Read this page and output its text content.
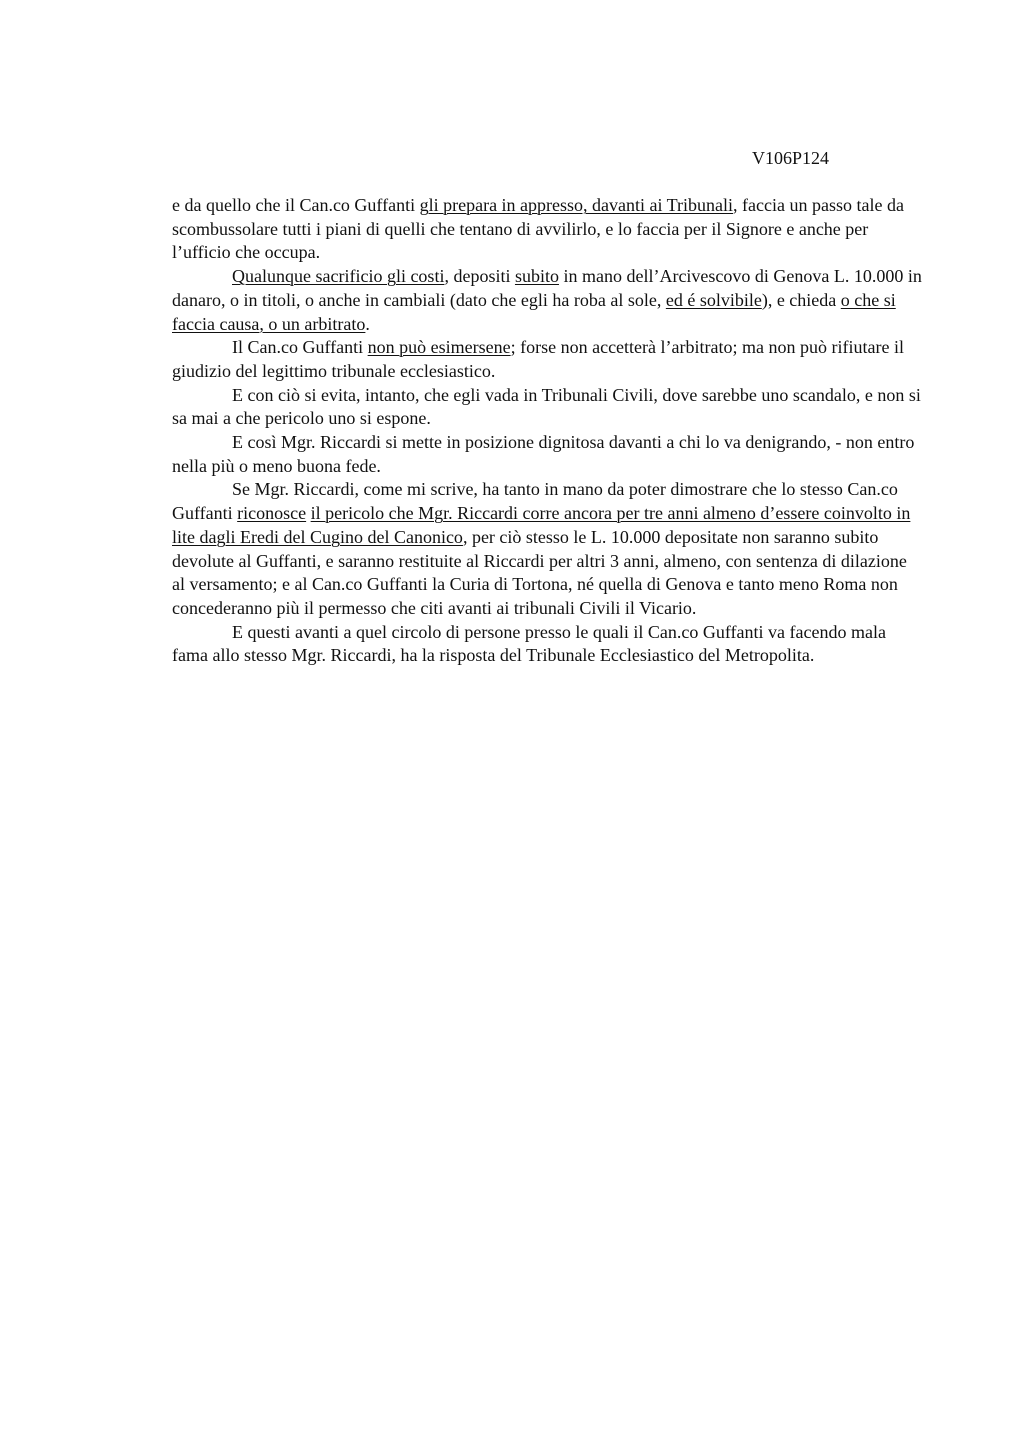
V106P124

e da quello che il Can.co Guffanti gli prepara in appresso, davanti ai Tribunali, faccia un passo tale da scombussolare tutti i piani di quelli che tentano di avvilirlo, e lo faccia per il Signore e anche per l’ufficio che occupa.

Qualunque sacrificio gli costi, depositi subito in mano dell’Arcivescovo di Genova L. 10.000 in danaro, o in titoli, o anche in cambiali (dato che egli ha roba al sole, ed é solvibile), e chieda o che si faccia causa, o un arbitrato.

Il Can.co Guffanti non può esimersene; forse non accetterà l’arbitrato; ma non può rifiutare il giudizio del legittimo tribunale ecclesiastico.

E con ciò si evita, intanto, che egli vada in Tribunali Civili, dove sarebbe uno scandalo, e non si sa mai a che pericolo uno si espone.

E così Mgr. Riccardi si mette in posizione dignitosa davanti a chi lo va denigrando, - non entro nella più o meno buona fede.

Se Mgr. Riccardi, come mi scrive, ha tanto in mano da poter dimostrare che lo stesso Can.co Guffanti riconosce il pericolo che Mgr. Riccardi corre ancora per tre anni almeno d’essere coinvolto in lite dagli Eredi del Cugino del Canonico, per ciò stesso le L. 10.000 depositate non saranno subito devolute al Guffanti, e saranno restituite al Riccardi per altri 3 anni, almeno, con sentenza di dilazione al versamento; e al Can.co Guffanti la Curia di Tortona, né quella di Genova e tanto meno Roma non concederanno più il permesso che citi avanti ai tribunali Civili il Vicario.

E questi avanti a quel circolo di persone presso le quali il Can.co Guffanti va facendo mala fama allo stesso Mgr. Riccardi, ha la risposta del Tribunale Ecclesiastico del Metropolita.
